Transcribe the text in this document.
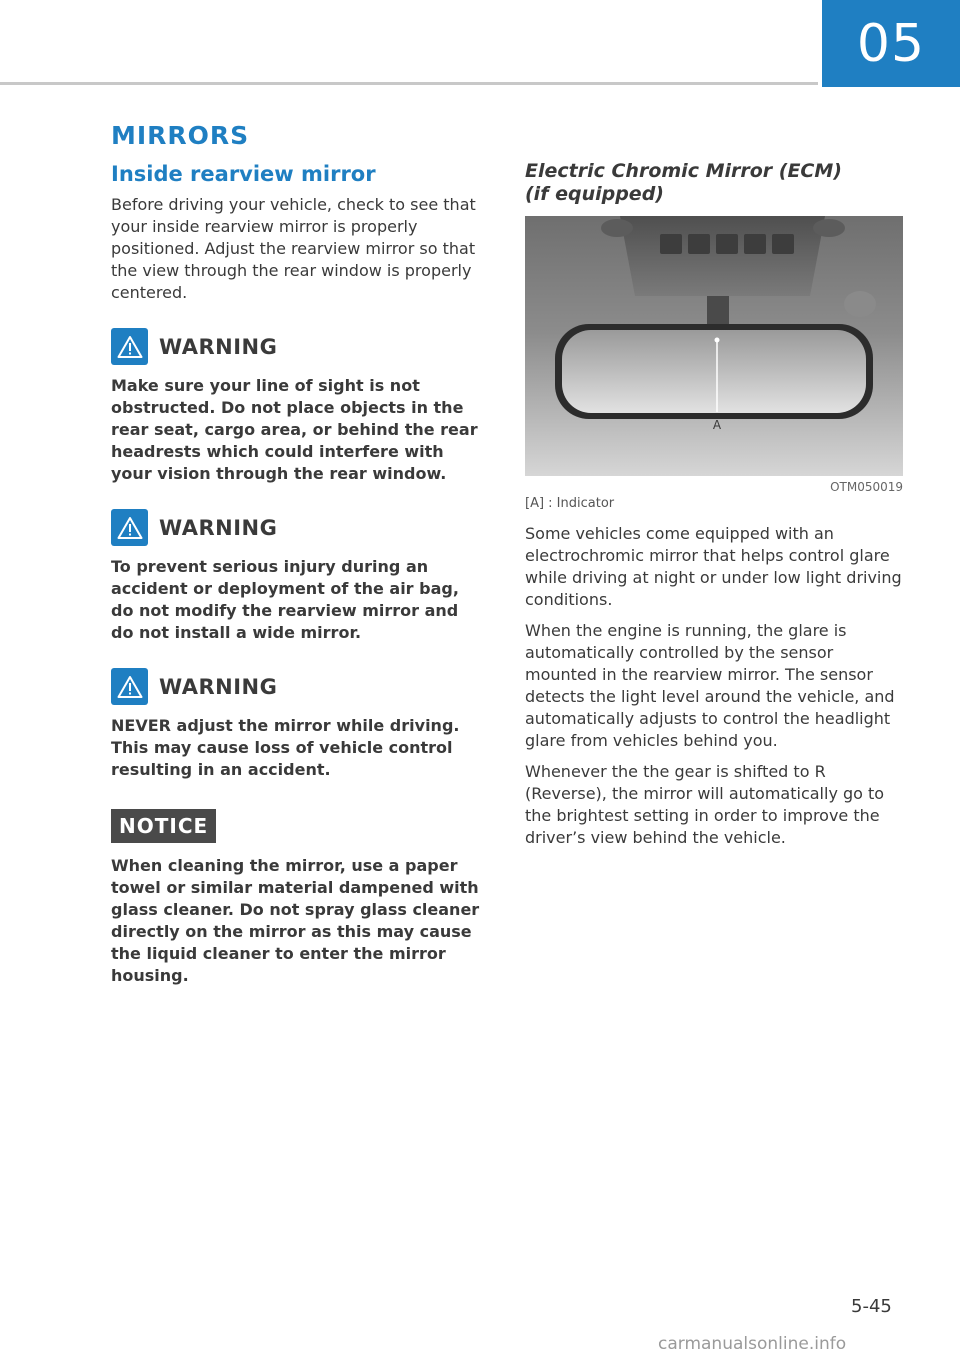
05
MIRRORS
Inside rearview mirror

Before driving your vehicle, check to see that your inside rearview mirror is properly positioned. Adjust the rearview mirror so that the view through the rear window is properly centered.

WARNING

Make sure your line of sight is not obstructed. Do not place objects in the rear seat, cargo area, or behind the rear headrests which could interfere with your vision through the rear window.

WARNING

To prevent serious injury during an accident or deployment of the air bag, do not modify the rearview mirror and do not install a wide mirror.

WARNING

NEVER adjust the mirror while driving. This may cause loss of vehicle control resulting in an accident.

NOTICE

When cleaning the mirror, use a paper towel or similar material dampened with glass cleaner. Do not spray glass cleaner directly on the mirror as this may cause the liquid cleaner to enter the mirror housing.

Electric Chromic Mirror (ECM)
(if equipped)
A
OTM050019
[A] : Indicator

Some vehicles come equipped with an electrochromic mirror that helps control glare while driving at night or under low light driving conditions.

When the engine is running, the glare is automatically controlled by the sensor mounted in the rearview mirror. The sensor detects the light level around the vehicle, and automatically adjusts to control the headlight glare from vehicles behind you.

Whenever the the gear is shifted to R (Reverse), the mirror will automatically go to the brightest setting in order to improve the driver’s view behind the vehicle.

5-45
carmanualsonline.info
